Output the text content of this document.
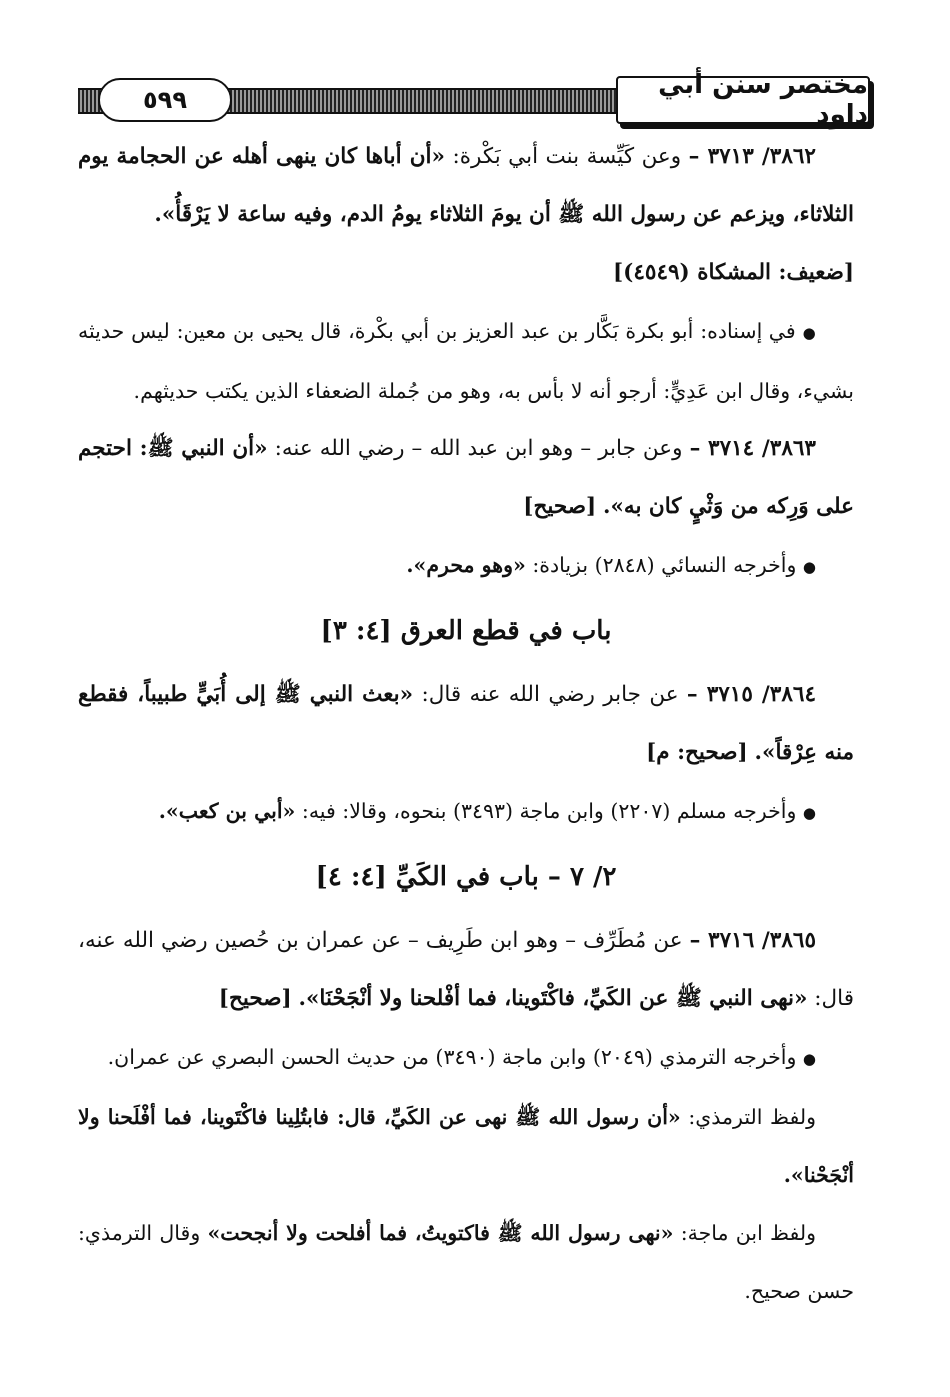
٥٩٩	مختصر سنن أبي داود

٣٨٦٢/ ٣٧١٣ – وعن كَيِّسة بنت أبي بَكْرة: «أن أباها كان ينهى أهله عن الحجامة يوم الثلاثاء، ويزعم عن رسول الله ﷺ أن يومَ الثلاثاء يومُ الدم، وفيه ساعة لا يَرْقَأُ».

[ضعيف: المشكاة (٤٥٤٩)]

● في إسناده: أبو بكرة بَكَّار بن عبد العزيز بن أبي بكْرة، قال يحيى بن معين: ليس حديثه بشيء، وقال ابن عَدِيٍّ: أرجو أنه لا بأس به، وهو من جُملة الضعفاء الذين يكتب حديثهم.

٣٨٦٣/ ٣٧١٤ – وعن جابر – وهو ابن عبد الله – رضي الله عنه: «أن النبي ﷺ: احتجم على وَرِكه من وَثْيٍ كان به». [صحيح]

● وأخرجه النسائي (٢٨٤٨) بزيادة: «وهو محرم».

باب في قطع العرق [٤: ٣]

٣٨٦٤/ ٣٧١٥ – عن جابر رضي الله عنه قال: «بعث النبي ﷺ إلى أُبَيٍّ طبيباً، فقطع منه عِرْقاً». [صحيح: م]

● وأخرجه مسلم (٢٢٠٧) وابن ماجة (٣٤٩٣) بنحوه، وقالا: فيه: «أبي بن كعب».

٢/ ٧ – باب في الكَيِّ [٤: ٤]

٣٨٦٥/ ٣٧١٦ – عن مُطَرِّف – وهو ابن طَرِيف – عن عمران بن حُصين رضي الله عنه، قال: «نهى النبي ﷺ عن الكَيِّ، فاكْتَوينا، فما أفْلحنا ولا أنْجَحْنَا». [صحيح]

● وأخرجه الترمذي (٢٠٤٩) وابن ماجة (٣٤٩٠) من حديث الحسن البصري عن عمران.

ولفظ الترمذي: «أن رسول الله ﷺ نهى عن الكَيِّ، قال: فابتُلِينا فاكْتَوينا، فما أفْلَحنا ولا أنْجَحْنا».

ولفظ ابن ماجة: «نهى رسول الله ﷺ فاكتويتُ، فما أفلحت ولا أنجحت» وقال الترمذي: حسن صحيح.
